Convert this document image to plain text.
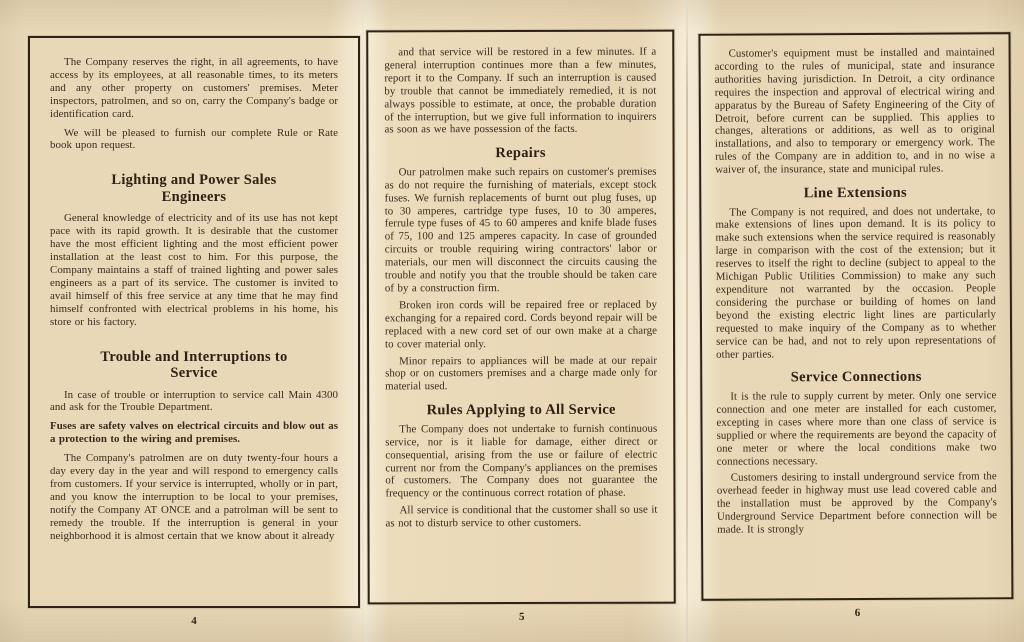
The Company reserves the right, in all agreements, to have access by its employees, at all reasonable times, to its meters and any other property on customers' premises. Meter inspectors, patrolmen, and so on, carry the Company's badge or identification card.

We will be pleased to furnish our complete Rule or Rate book upon request.

Lighting and Power Sales Engineers

General knowledge of electricity and of its use has not kept pace with its rapid growth. It is desirable that the customer have the most efficient lighting and the most efficient power installation at the least cost to him. For this purpose, the Company maintains a staff of trained lighting and power sales engineers as a part of its service. The customer is invited to avail himself of this free service at any time that he may find himself confronted with electrical problems in his home, his store or his factory.

Trouble and Interruptions to Service

In case of trouble or interruption to service call Main 4300 and ask for the Trouble Department.

Fuses are safety valves on electrical circuits and blow out as a protection to the wiring and premises.

The Company's patrolmen are on duty twenty-four hours a day every day in the year and will respond to emergency calls from customers. If your service is interrupted, wholly or in part, and you know the interruption to be local to your premises, notify the Company AT ONCE and a patrolman will be sent to remedy the trouble. If the interruption is general in your neighborhood it is almost certain that we know about it already

4

and that service will be restored in a few minutes. If a general interruption continues more than a few minutes, report it to the Company. If such an interruption is caused by trouble that cannot be immediately remedied, it is not always possible to estimate, at once, the probable duration of the interruption, but we give full information to inquirers as soon as we have possession of the facts.

Repairs

Our patrolmen make such repairs on customer's premises as do not require the furnishing of materials, except stock fuses. We furnish replacements of burnt out plug fuses, up to 30 amperes, cartridge type fuses, 10 to 30 amperes, ferrule type fuses of 45 to 60 amperes and knife blade fuses of 75, 100 and 125 amperes capacity. In case of grounded circuits or trouble requiring wiring contractors' labor or materials, our men will disconnect the circuits causing the trouble and notify you that the trouble should be taken care of by a construction firm.

Broken iron cords will be repaired free or replaced by exchanging for a repaired cord. Cords beyond repair will be replaced with a new cord set of our own make at a charge to cover material only.

Minor repairs to appliances will be made at our repair shop or on customers premises and a charge made only for material used.

Rules Applying to All Service

The Company does not undertake to furnish continuous service, nor is it liable for damage, either direct or consequential, arising from the use or failure of electric current nor from the Company's appliances on the premises of customers. The Company does not guarantee the frequency or the continuous correct rotation of phase.

All service is conditional that the customer shall so use it as not to disturb service to other customers.

5

Customer's equipment must be installed and maintained according to the rules of municipal, state and insurance authorities having jurisdiction. In Detroit, a city ordinance requires the inspection and approval of electrical wiring and apparatus by the Bureau of Safety Engineering of the City of Detroit, before current can be supplied. This applies to changes, alterations or additions, as well as to original installations, and also to temporary or emergency work. The rules of the Company are in addition to, and in no wise a waiver of, the insurance, state and municipal rules.

Line Extensions

The Company is not required, and does not undertake, to make extensions of lines upon demand. It is its policy to make such extensions when the service required is reasonably large in comparison with the cost of the extension; but it reserves to itself the right to decline (subject to appeal to the Michigan Public Utilities Commission) to make any such expenditure not warranted by the occasion. People considering the purchase or building of homes on land beyond the existing electric light lines are particularly requested to make inquiry of the Company as to whether service can be had, and not to rely upon representations of other parties.

Service Connections

It is the rule to supply current by meter. Only one service connection and one meter are installed for each customer, excepting in cases where more than one class of service is supplied or where the requirements are beyond the capacity of one meter or where the local conditions make two connections necessary.

Customers desiring to install underground service from the overhead feeder in highway must use lead covered cable and the installation must be approved by the Company's Underground Service Department before connection will be made. It is strongly

6
